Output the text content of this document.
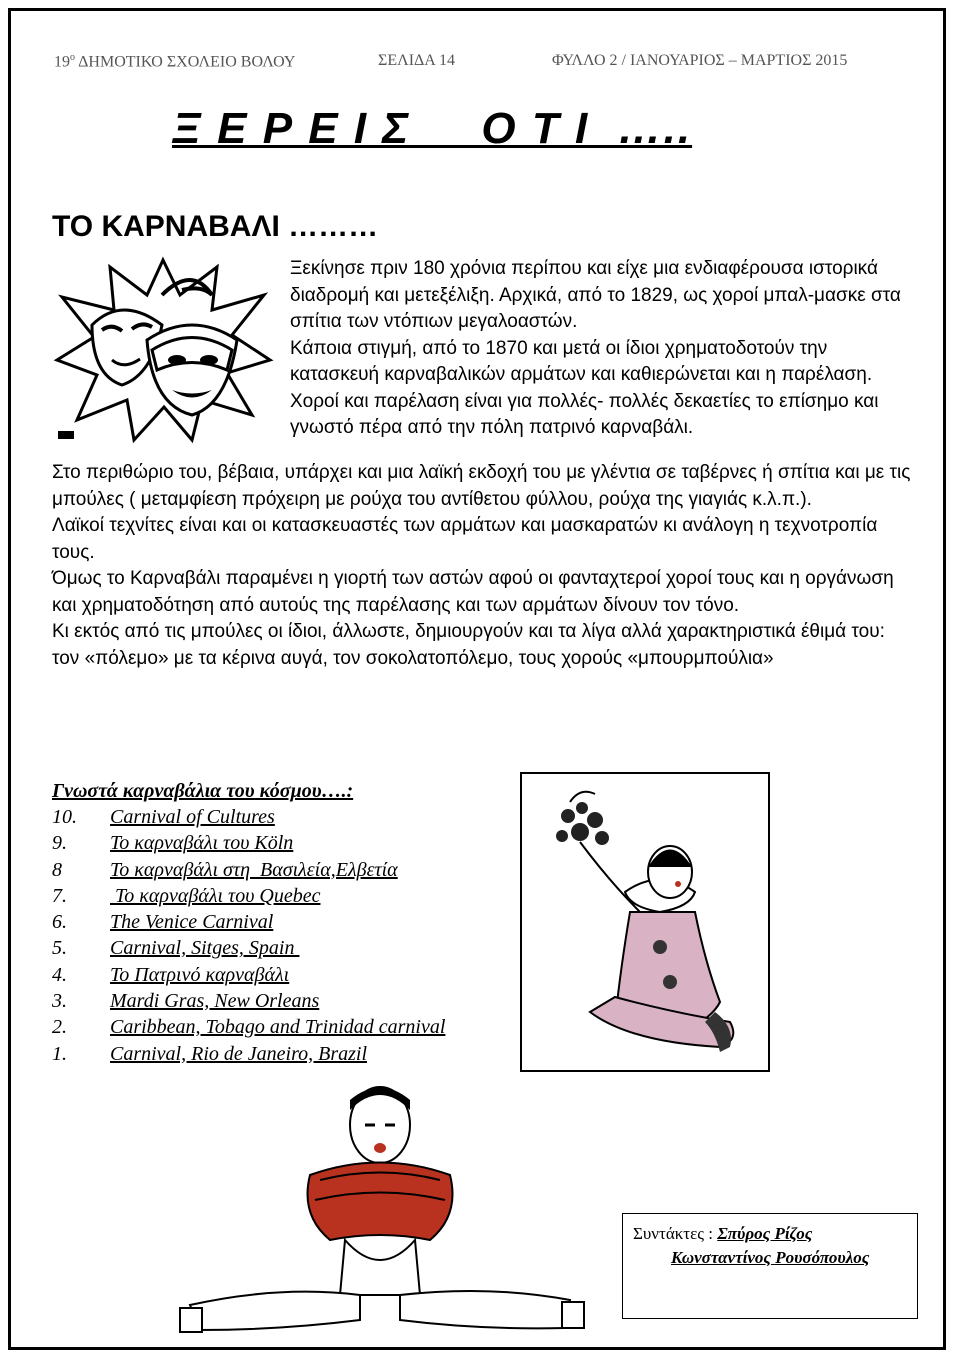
$19^o$ ΔΗΜΟΤΙΚΟ ΣΧΟΛΕΙΟ ΒΟΛΟΥ	ΣΕΛΙΔΑ 14	ΦΥΛΛΟ 2 / ΙΑΝΟΥΑΡΙΟΣ – ΜΑΡΤΙΟΣ 2015
Ξ Ε Ρ Ε Ι Σ     Ο Τ Ι  …..
ΤΟ ΚΑΡΝΑΒΑΛΙ ………

Ξεκίνησε πριν 180 χρόνια περίπου και είχε μια ενδιαφέρουσα ιστορικά διαδρομή και μετεξέλιξη. Αρχικά, από το 1829, ως χοροί μπαλ-μασκε στα σπίτια των ντόπιων μεγαλοαστών.

Κάποια στιγμή, από το 1870 και μετά οι ίδιοι χρηματοδοτούν την κατασκευή καρναβαλικών αρμάτων και καθιερώνεται και η παρέλαση.

Χοροί και παρέλαση είναι για πολλές- πολλές δεκαετίες το επίσημο και γνωστό πέρα από την πόλη πατρινό καρναβάλι.

Στο περιθώριο του, βέβαια, υπάρχει και μια λαϊκή εκδοχή του με γλέντια σε ταβέρνες ή σπίτια και με τις μπούλες ( μεταμφίεση πρόχειρη με ρούχα του αντίθετου φύλλου, ρούχα της γιαγιάς κ.λ.π.).

Λαϊκοί τεχνίτες είναι και οι κατασκευαστές των αρμάτων και μασκαρατών κι ανάλογη η τεχνοτροπία τους.

Όμως το Καρναβάλι παραμένει η γιορτή των αστών αφού οι φανταχτεροί χοροί τους και η οργάνωση και χρηματοδότηση από αυτούς της παρέλασης και των αρμάτων δίνουν τον τόνο.

Κι εκτός από τις μπούλες οι ίδιοι, άλλωστε, δημιουργούν και τα λίγα αλλά χαρακτηριστικά έθιμά του: τον «πόλεμο» με τα κέρινα αυγά, τον σοκολατοπόλεμο, τους χορούς «μπουρμπούλια»

Γνωστά καρναβάλια του κόσμου….:
10. Carnival of Cultures
9. Το καρναβάλι του Köln
8 Το καρναβάλι στη  Βασιλεία,Ελβετία
7. Το καρναβάλι του Quebec
6. The Venice Carnival
5. Carnival, Sitges, Spain
4. Το Πατρινό καρναβάλι
3. Mardi Gras, New Orleans
2. Caribbean, Tobago and Trinidad carnival
1. Carnival, Rio de Janeiro, Brazil
Συντάκτες : Σπύρος Ρίζος
Κωνσταντίνος Ρουσόπουλος
